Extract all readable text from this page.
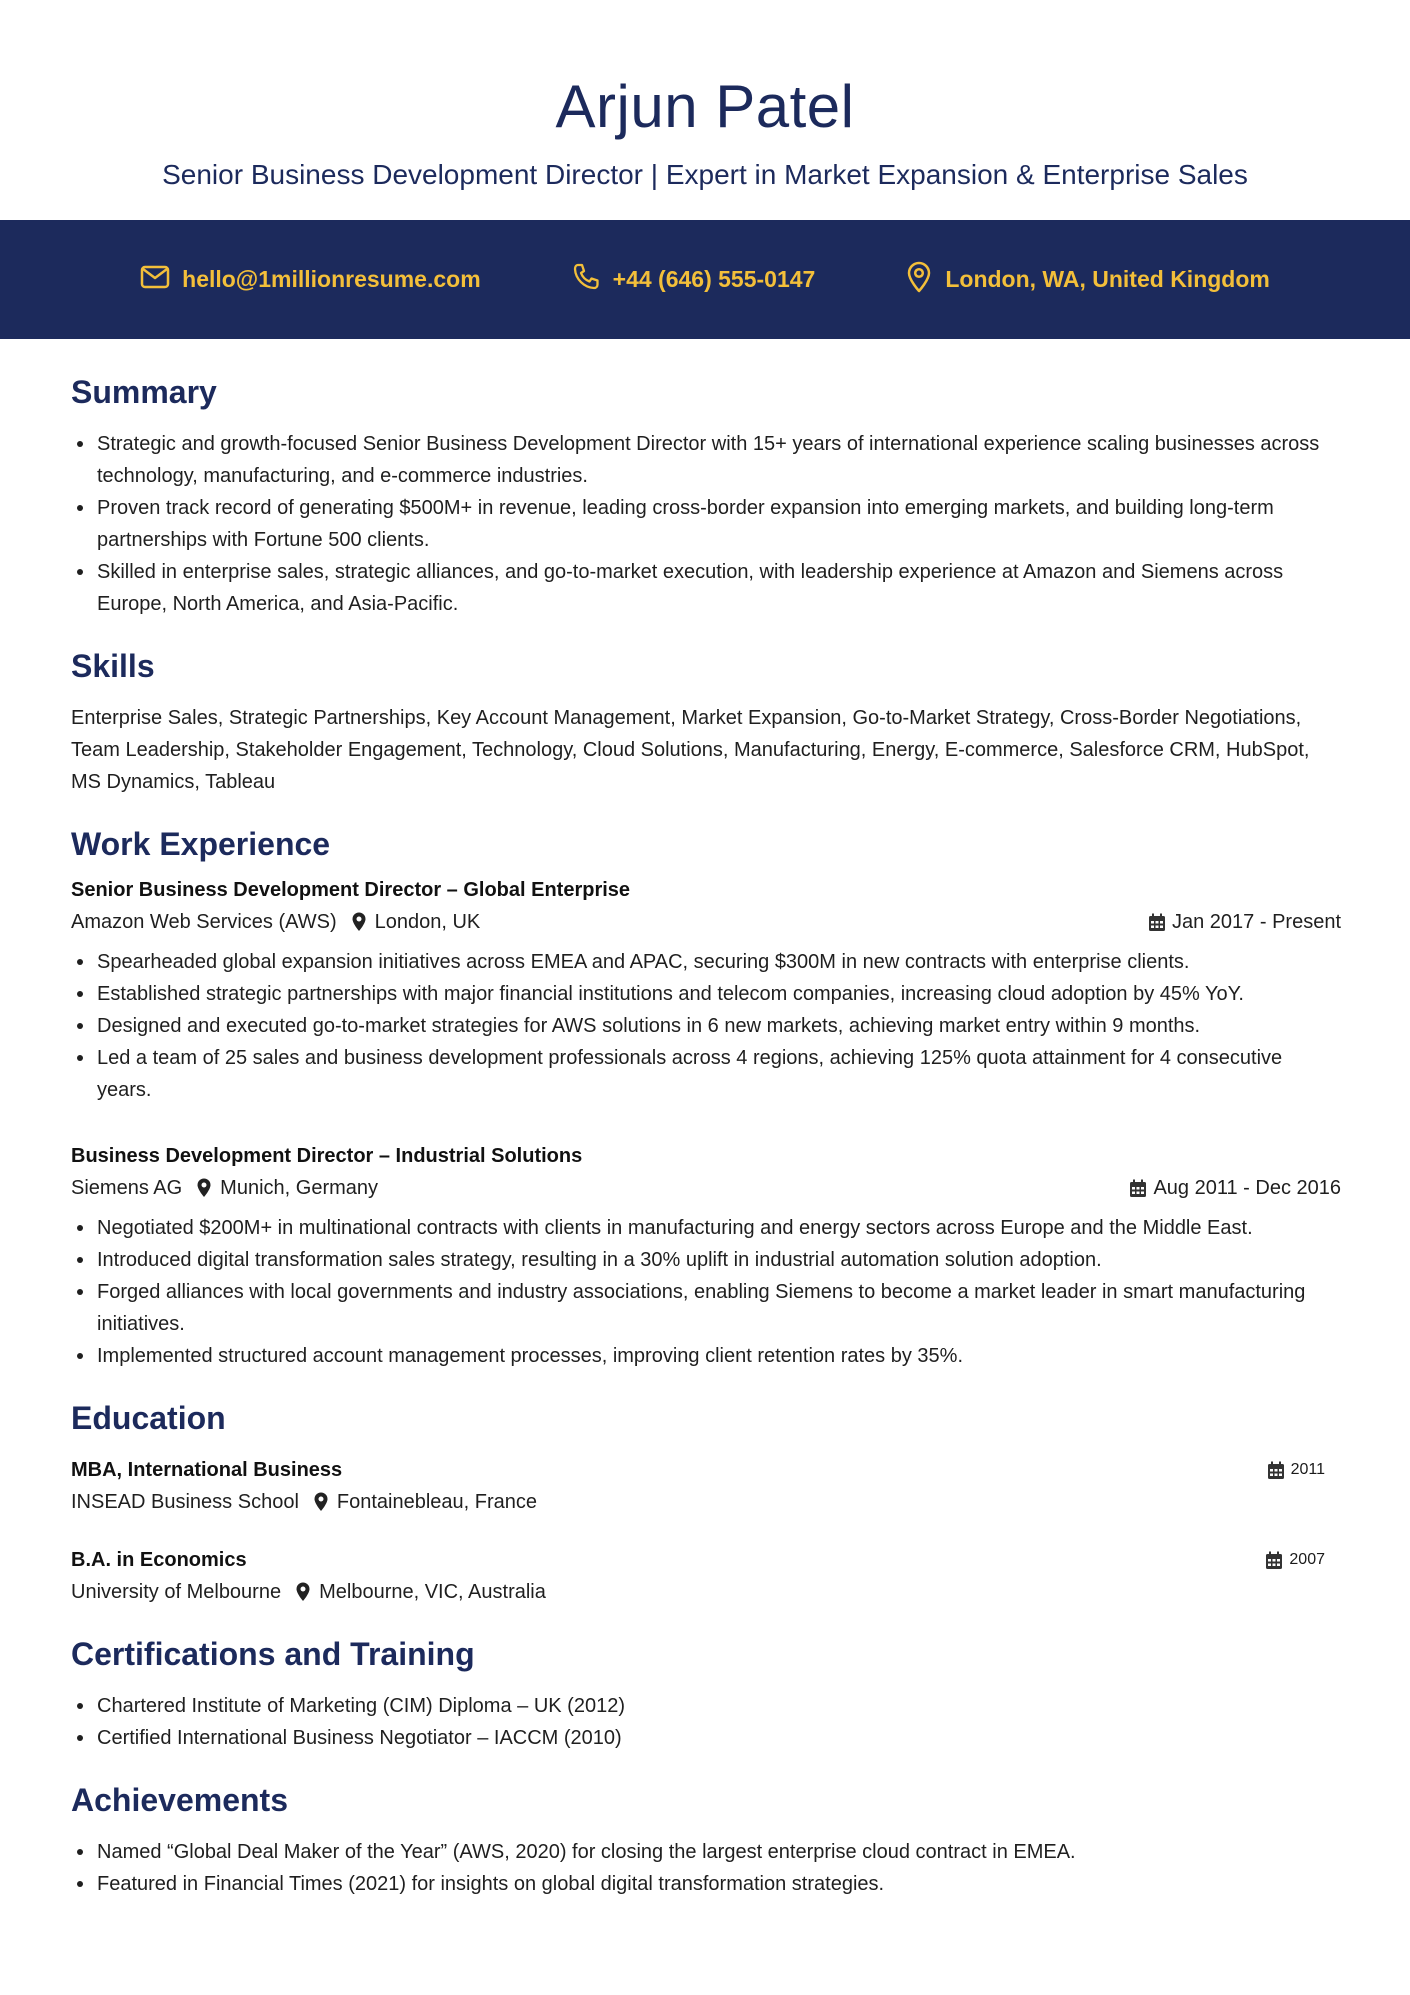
Arjun Patel
Senior Business Development Director | Expert in Market Expansion & Enterprise Sales
hello@1millionresume.com	+44 (646) 555-0147	London, WA, United Kingdom
Summary
Strategic and growth-focused Senior Business Development Director with 15+ years of international experience scaling businesses across technology, manufacturing, and e-commerce industries.
Proven track record of generating $500M+ in revenue, leading cross-border expansion into emerging markets, and building long-term partnerships with Fortune 500 clients.
Skilled in enterprise sales, strategic alliances, and go-to-market execution, with leadership experience at Amazon and Siemens across Europe, North America, and Asia-Pacific.
Skills
Enterprise Sales, Strategic Partnerships, Key Account Management, Market Expansion, Go-to-Market Strategy, Cross-Border Negotiations, Team Leadership, Stakeholder Engagement, Technology, Cloud Solutions, Manufacturing, Energy, E-commerce, Salesforce CRM, HubSpot, MS Dynamics, Tableau
Work Experience
Senior Business Development Director – Global Enterprise
Amazon Web Services (AWS) London, UK	Jan 2017 - Present
Spearheaded global expansion initiatives across EMEA and APAC, securing $300M in new contracts with enterprise clients.
Established strategic partnerships with major financial institutions and telecom companies, increasing cloud adoption by 45% YoY.
Designed and executed go-to-market strategies for AWS solutions in 6 new markets, achieving market entry within 9 months.
Led a team of 25 sales and business development professionals across 4 regions, achieving 125% quota attainment for 4 consecutive years.
Business Development Director – Industrial Solutions
Siemens AG Munich, Germany	Aug 2011 - Dec 2016
Negotiated $200M+ in multinational contracts with clients in manufacturing and energy sectors across Europe and the Middle East.
Introduced digital transformation sales strategy, resulting in a 30% uplift in industrial automation solution adoption.
Forged alliances with local governments and industry associations, enabling Siemens to become a market leader in smart manufacturing initiatives.
Implemented structured account management processes, improving client retention rates by 35%.
Education
MBA, International Business	2011
INSEAD Business School Fontainebleau, France
B.A. in Economics	2007
University of Melbourne Melbourne, VIC, Australia
Certifications and Training
Chartered Institute of Marketing (CIM) Diploma – UK (2012)
Certified International Business Negotiator – IACCM (2010)
Achievements
Named “Global Deal Maker of the Year” (AWS, 2020) for closing the largest enterprise cloud contract in EMEA.
Featured in Financial Times (2021) for insights on global digital transformation strategies.
